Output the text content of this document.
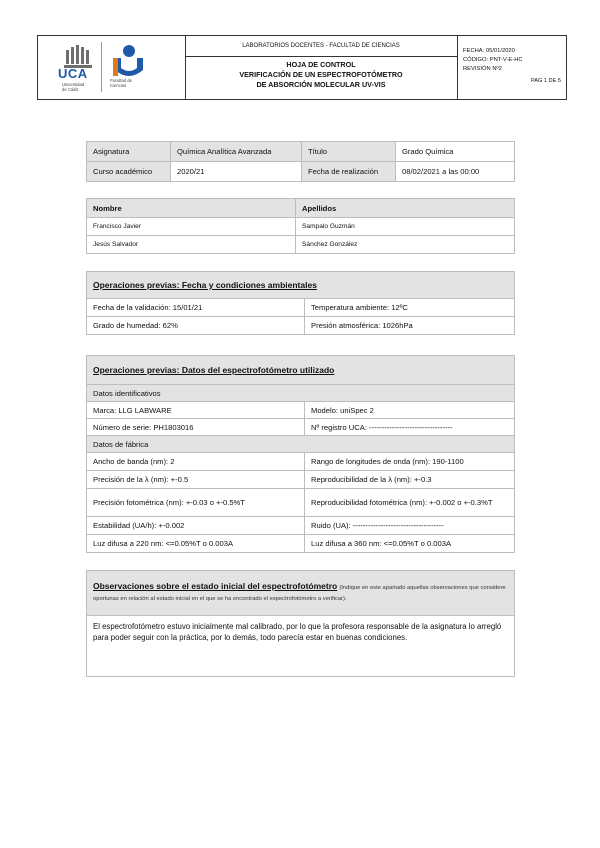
UCA
Universidad
de Cádiz
Facultad de
Ciencias
LABORATORIOS DOCENTES - FACULTAD DE CIENCIAS
HOJA DE CONTROL
VERIFICACIÓN DE UN ESPECTROFOTÓMETRO
DE ABSORCIÓN MOLECULAR UV-VIS
FECHA: 05/01/2020
CÓDIGO: PNT-V-E-HC
REVISIÓN Nº2
PAG 1 DE 5
Asignatura	Química Analítica Avanzada	Título	Grado Química
Curso académico	2020/21	Fecha de realización	08/02/2021 a las 00:00
Nombre	Apellidos
Francisco Javier	Sampalo Guzmán
Jesús Salvador	Sánchez González
Operaciones previas: Fecha y condiciones ambientales	
Fecha de la validación: 15/01/21	Temperatura ambiente: 12ºC
Grado de humedad: 62%	Presión atmosférica: 1026hPa
Operaciones previas: Datos del espectrofotómetro utilizado	
Datos identificativos	
Marca: LLG LABWARE	Modelo: uniSpec 2
Número de serie: PH1803016	Nº registro UCA: ---------------------------------
Datos de fábrica	
Ancho de banda (nm): 2	Rango de longitudes de onda (nm): 190-1100
Precisión de la λ (nm): +-0.5	Reproducibilidad de la λ (nm): +-0.3
Precisión fotométrica (nm): +-0.03 o +-0.5%T	Reproducibilidad fotométrica (nm): +-0.002 o +-0.3%T
Estabilidad (UA/h): +-0.002	Ruido (UA): ------------------------------------
Luz difusa a 220 nm: <=0.05%T o 0.003A	Luz difusa a 360 nm: <=0.05%T o 0.003A
Observaciones sobre el estado inicial del espectrofotómetro (Indique en este apartado aquellas observaciones que considere oportunas en relación al estado inicial en el que se ha encontrado el espectrofotómetro a verificar).
El espectrofotómetro estuvo inicialmente mal calibrado, por lo que la profesora responsable de la asignatura lo arregló para poder seguir con la práctica, por lo demás, todo parecía estar en buenas condiciones.
